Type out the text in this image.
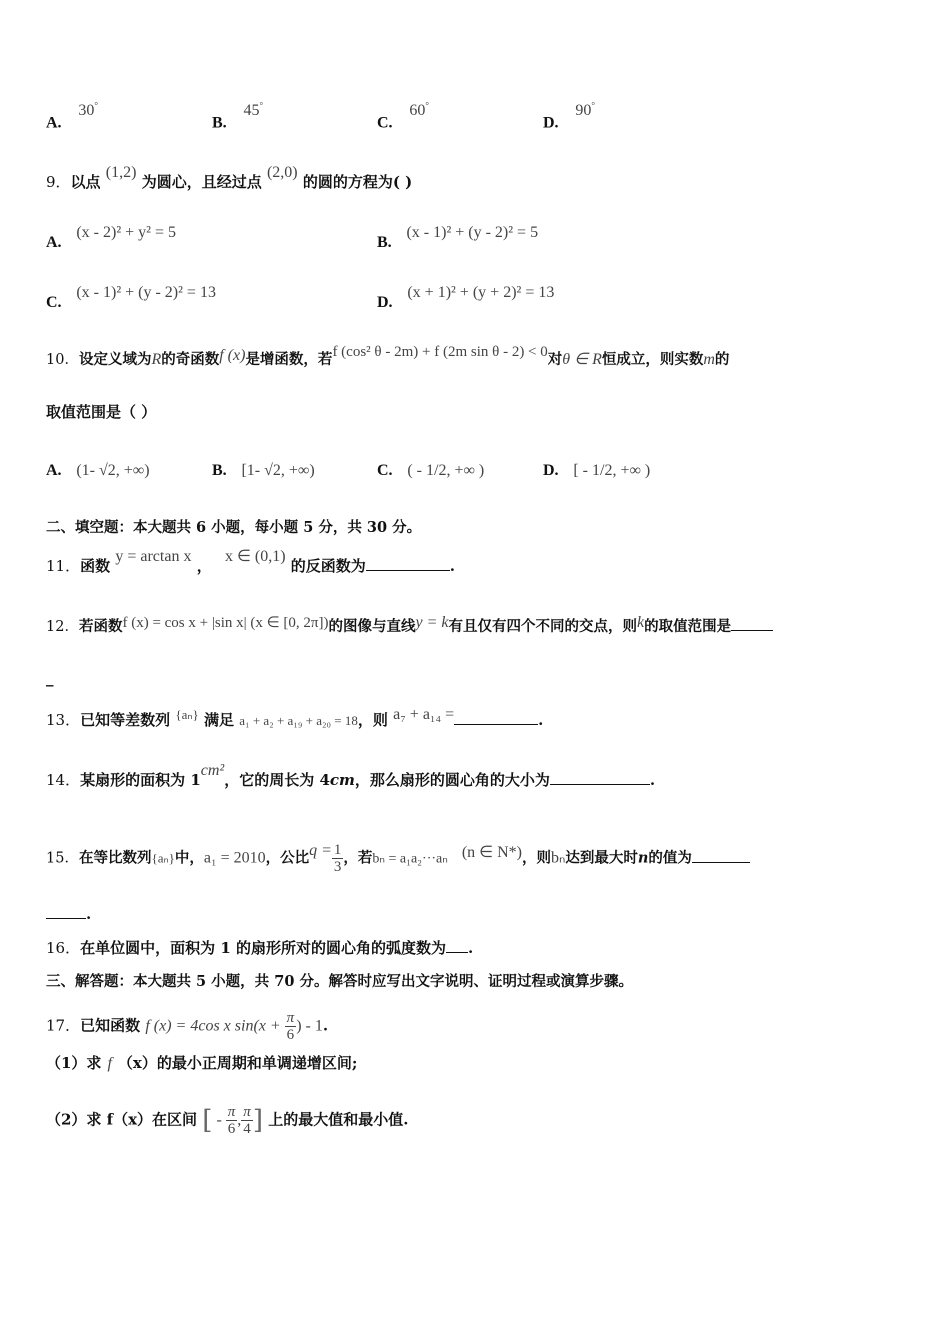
A. 30°
B. 45°
C. 60°
D. 90°
9．以点 (1,2) 为圆心，且经过点 (2,0) 的圆的方程为( )
A. (x - 2)² + y² = 5
B. (x - 1)² + (y - 2)² = 5
C. (x - 1)² + (y - 2)² = 13
D. (x + 1)² + (y + 2)² = 13
10．设定义域为R的奇函数f (x)是增函数，若f (cos² θ - 2m) + f (2m sin θ - 2) < 0对θ ∈ R恒成立，则实数m的
取值范围是（ ）
A. (1- √2, +∞)	B. [1- √2, +∞)	C. ( - 1/2, +∞ )	D. [ - 1/2, +∞ )
二、填空题：本大题共 6 小题，每小题 5 分，共 30 分。
11．函数 y = arctan x ， x ∈ (0,1) 的反函数为	.
12．若函数f (x) = cos x + |sin x| (x ∈ [0, 2π])的图像与直线y = k有且仅有四个不同的交点，则k的取值范围是
_
13．已知等差数列 {aₙ} 满足 a₁ + a₂ + a₁₉ + a₂₀ = 18，则 a₇ + a₁₄ =	.
14．某扇形的面积为 1cm²，它的周长为 4cm，那么扇形的圆心角的大小为	.
15．在等比数列{aₙ}中，a₁ = 2010，公比$q = \frac{1}{3}$ ，若bₙ = a₁a₂···aₙ (n ∈ N*)，则bₙ达到最大时n的值为
.
16．在单位圆中，面积为 1 的扇形所对的圆心角的弧度数为 .
三、解答题：本大题共 5 小题，共 70 分。解答时应写出文字说明、证明过程或演算步骤。
17．已知函数 f (x) = 4cos x $\sin(x + \frac{\pi}{6}$ ) - 1.
（1）求 f （x）的最小正周期和单调递增区间;
（2）求 f（x）在区间 [ - $\frac{\pi}{6}$ , $\frac{\pi}{4}$ ] 上的最大值和最小值.
